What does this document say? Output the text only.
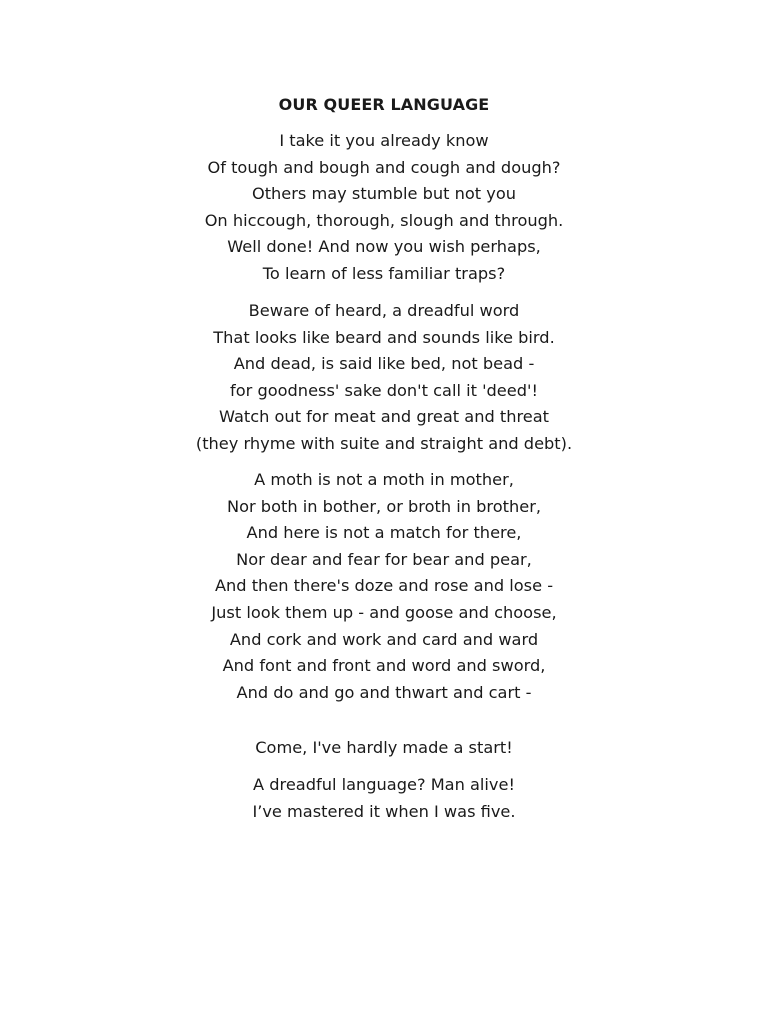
OUR QUEER LANGUAGE
I take it you already know
Of tough and bough and cough and dough?
Others may stumble but not you
On hiccough, thorough, slough and through.
Well done! And now you wish perhaps,
To learn of less familiar traps?
Beware of heard, a dreadful word
That looks like beard and sounds like bird.
And dead, is said like bed, not bead -
for goodness' sake don't call it 'deed'!
Watch out for meat and great and threat
(they rhyme with suite and straight and debt).
A moth is not a moth in mother,
Nor both in bother, or broth in brother,
And here is not a match for there,
Nor dear and fear for bear and pear,
And then there's doze and rose and lose -
Just look them up - and goose and choose,
And cork and work and card and ward
And font and front and word and sword,
And do and go and thwart and cart -
Come, I've hardly made a start!
A dreadful language? Man alive!
I’ve mastered it when I was five.
